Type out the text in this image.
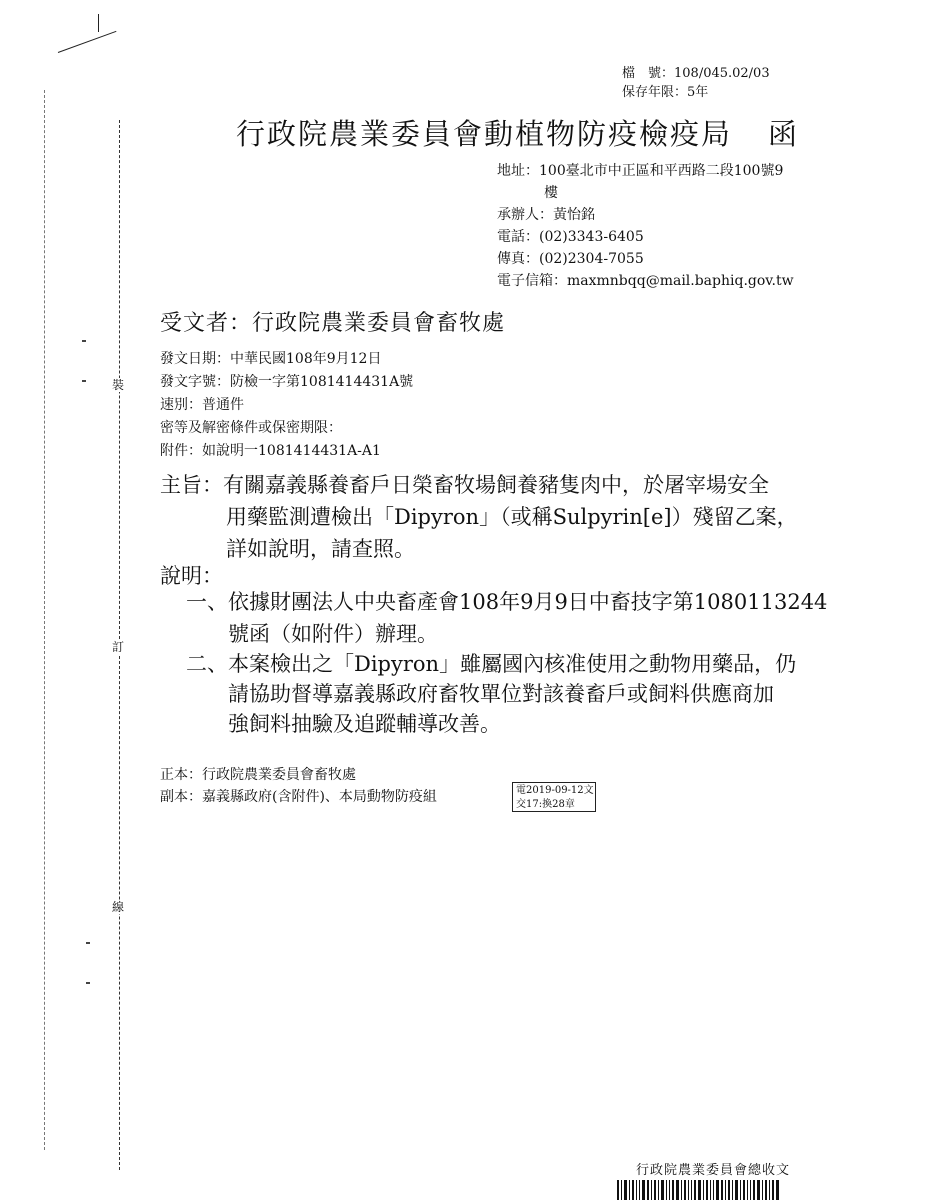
裝
訂
線
檔　號：108/045.02/03
保存年限：5年
行政院農業委員會動植物防疫檢疫局 函
地址：100臺北市中正區和平西路二段100號9
樓
承辦人：黃怡銘
電話：(02)3343-6405
傳真：(02)2304-7055
電子信箱：maxmnbqq@mail.baphiq.gov.tw
受文者：行政院農業委員會畜牧處
發文日期：中華民國108年9月12日
發文字號：防檢一字第1081414431A號
速別：普通件
密等及解密條件或保密期限：
附件：如說明一1081414431A-A1
主旨：有關嘉義縣養畜戶日榮畜牧場飼養豬隻肉中，於屠宰場安全
用藥監測遭檢出「Dipyron」（或稱Sulpyrin[e]）殘留乙案，
詳如說明，請查照。
說明：
一、依據財團法人中央畜產會108年9月9日中畜技字第1080113244
號函（如附件）辦理。
二、本案檢出之「Dipyron」雖屬國內核准使用之動物用藥品，仍
請協助督導嘉義縣政府畜牧單位對該養畜戶或飼料供應商加
強飼料抽驗及追蹤輔導改善。
正本：行政院農業委員會畜牧處
副本：嘉義縣政府(含附件)、本局動物防疫組	電2019-09-12文
交17:換28章
行政院農業委員會總收文
